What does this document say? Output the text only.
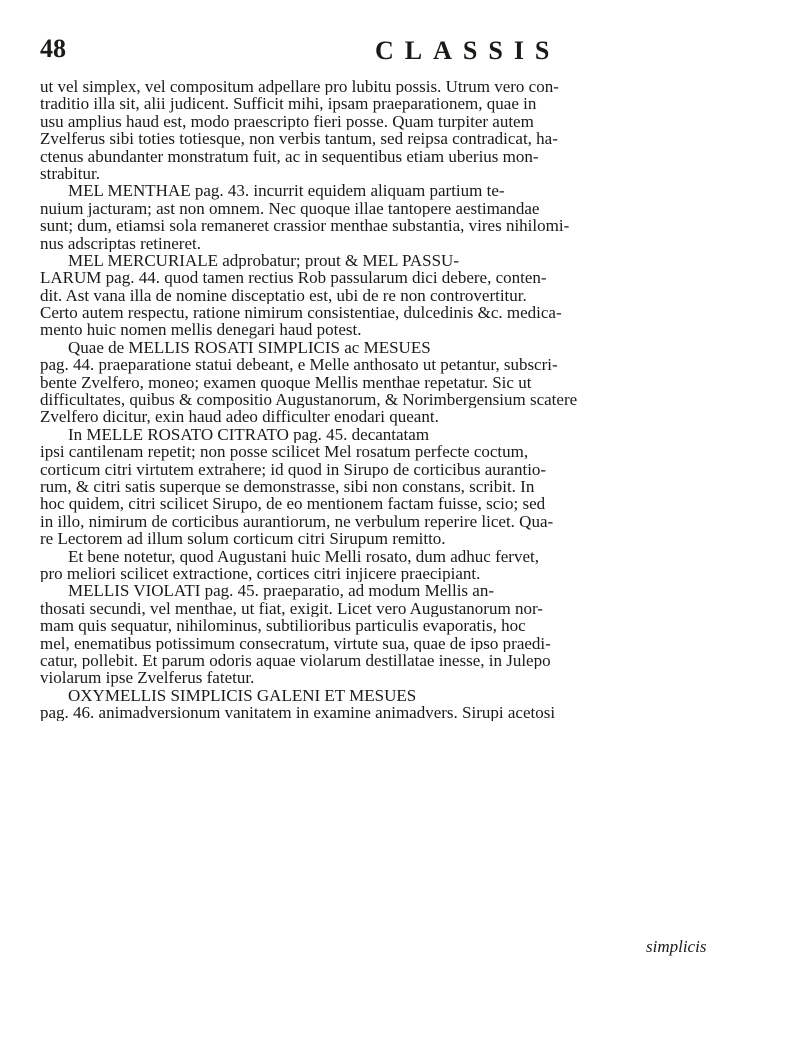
48	CLASSIS
ut vel simplex, vel compositum adpellare pro lubitu possis. Utrum vero con-
traditio illa sit, alii judicent. Sufficit mihi, ipsam praeparationem, quae in
usu amplius haud est, modo praescripto fieri posse. Quam turpiter autem
Zvelferus sibi toties totiesque, non verbis tantum, sed reipsa contradicat, ha-
ctenus abundanter monstratum fuit, ac in sequentibus etiam uberius mon-
strabitur.
MEL MENTHAE pag. 43. incurrit equidem aliquam partium te-
nuium jacturam; ast non omnem. Nec quoque illae tantopere aestimandae
sunt; dum, etiamsi sola remaneret crassior menthae substantia, vires nihilomi-
nus adscriptas retineret.
MEL MERCURIALE adprobatur; prout & MEL PASSU-
LARUM pag. 44. quod tamen rectius Rob passularum dici debere, conten-
dit. Ast vana illa de nomine disceptatio est, ubi de re non controvertitur.
Certo autem respectu, ratione nimirum consistentiae, dulcedinis &c. medica-
mento huic nomen mellis denegari haud potest.
Quae de MELLIS ROSATI SIMPLICIS ac MESUES
pag. 44. praeparatione statui debeant, e Melle anthosato ut petantur, subscri-
bente Zvelfero, moneo; examen quoque Mellis menthae repetatur. Sic ut
difficultates, quibus & compositio Augustanorum, & Norimbergensium scatere
Zvelfero dicitur, exin haud adeo difficulter enodari queant.
In MELLE ROSATO CITRATO pag. 45. decantatam
ipsi cantilenam repetit; non posse scilicet Mel rosatum perfecte coctum,
corticum citri virtutem extrahere; id quod in Sirupo de corticibus aurantio-
rum, & citri satis superque se demonstrasse, sibi non constans, scribit. In
hoc quidem, citri scilicet Sirupo, de eo mentionem factam fuisse, scio; sed
in illo, nimirum de corticibus aurantiorum, ne verbulum reperire licet. Qua-
re Lectorem ad illum solum corticum citri Sirupum remitto.
Et bene notetur, quod Augustani huic Melli rosato, dum adhuc fervet,
pro meliori scilicet extractione, cortices citri injicere praecipiant.
MELLIS VIOLATI pag. 45. praeparatio, ad modum Mellis an-
thosati secundi, vel menthae, ut fiat, exigit. Licet vero Augustanorum nor-
mam quis sequatur, nihilominus, subtilioribus particulis evaporatis, hoc
mel, enematibus potissimum consecratum, virtute sua, quae de ipso praedi-
catur, pollebit. Et parum odoris aquae violarum destillatae inesse, in Julepo
violarum ipse Zvelferus fatetur.
OXYMELLIS SIMPLICIS GALENI ET MESUES
pag. 46. animadversionum vanitatem in examine animadvers. Sirupi acetosi
simplicis
